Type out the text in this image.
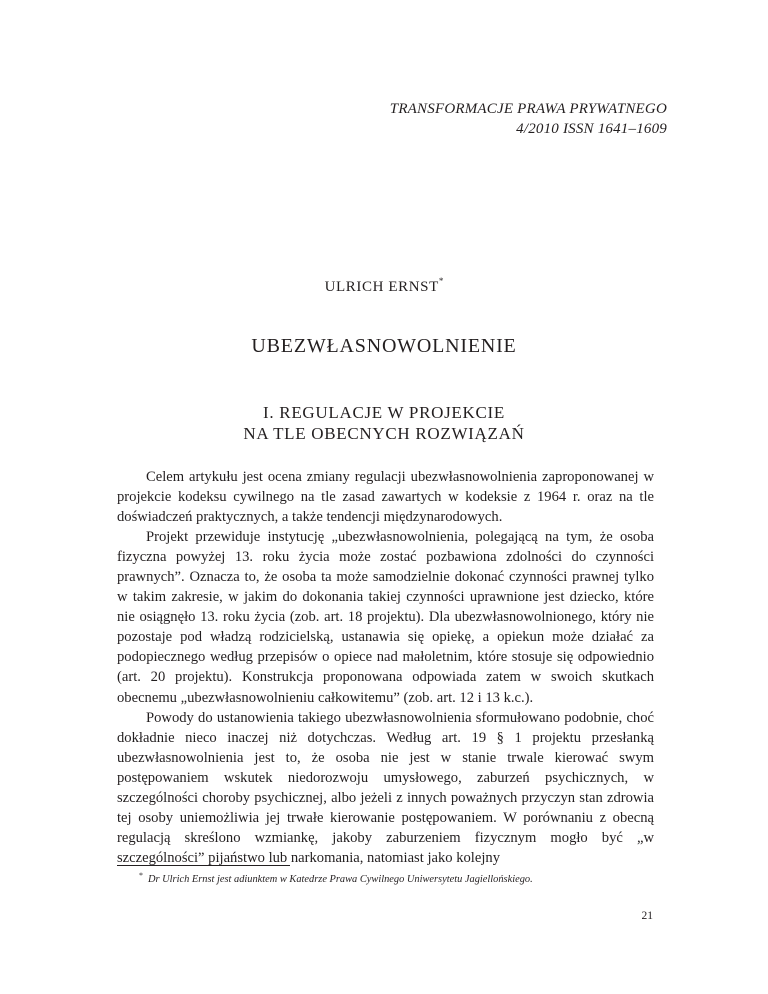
TRANSFORMACJE PRAWA PRYWATNEGO
4/2010 ISSN 1641–1609
ULRICH ERNST*
UBEZWŁASNOWOLNIENIE
I. REGULACJE W PROJEKCIE
NA TLE OBECNYCH ROZWIĄZAŃ

Celem artykułu jest ocena zmiany regulacji ubezwłasnowolnienia zaproponowanej w projekcie kodeksu cywilnego na tle zasad zawartych w kodeksie z 1964 r. oraz na tle doświadczeń praktycznych, a także tendencji międzynarodowych.

Projekt przewiduje instytucję „ubezwłasnowolnienia, polegającą na tym, że osoba fizyczna powyżej 13. roku życia może zostać pozbawiona zdolności do czynności prawnych”. Oznacza to, że osoba ta może samodzielnie dokonać czynności prawnej tylko w takim zakresie, w jakim do dokonania takiej czynności uprawnione jest dziecko, które nie osiągnęło 13. roku życia (zob. art. 18 projektu). Dla ubezwłasnowolnionego, który nie pozostaje pod władzą rodzicielską, ustanawia się opiekę, a opiekun może działać za podopiecznego według przepisów o opiece nad małoletnim, które stosuje się odpowiednio (art. 20 projektu). Konstrukcja proponowana odpowiada zatem w swoich skutkach obecnemu „ubezwłasnowolnieniu całkowitemu” (zob. art. 12 i 13 k.c.).

Powody do ustanowienia takiego ubezwłasnowolnienia sformułowano podobnie, choć dokładnie nieco inaczej niż dotychczas. Według art. 19 § 1 projektu przesłanką ubezwłasnowolnienia jest to, że osoba nie jest w stanie trwale kierować swym postępowaniem wskutek niedorozwoju umysłowego, zaburzeń psychicznych, w szczególności choroby psychicznej, albo jeżeli z innych poważnych przyczyn stan zdrowia tej osoby uniemożliwia jej trwałe kierowanie postępowaniem. W porównaniu z obecną regulacją skreślono wzmiankę, jakoby zaburzeniem fizycznym mogło być „w szczególności” pijaństwo lub narkomania, natomiast jako kolejny

* Dr Ulrich Ernst jest adiunktem w Katedrze Prawa Cywilnego Uniwersytetu Jagiellońskiego.
21
